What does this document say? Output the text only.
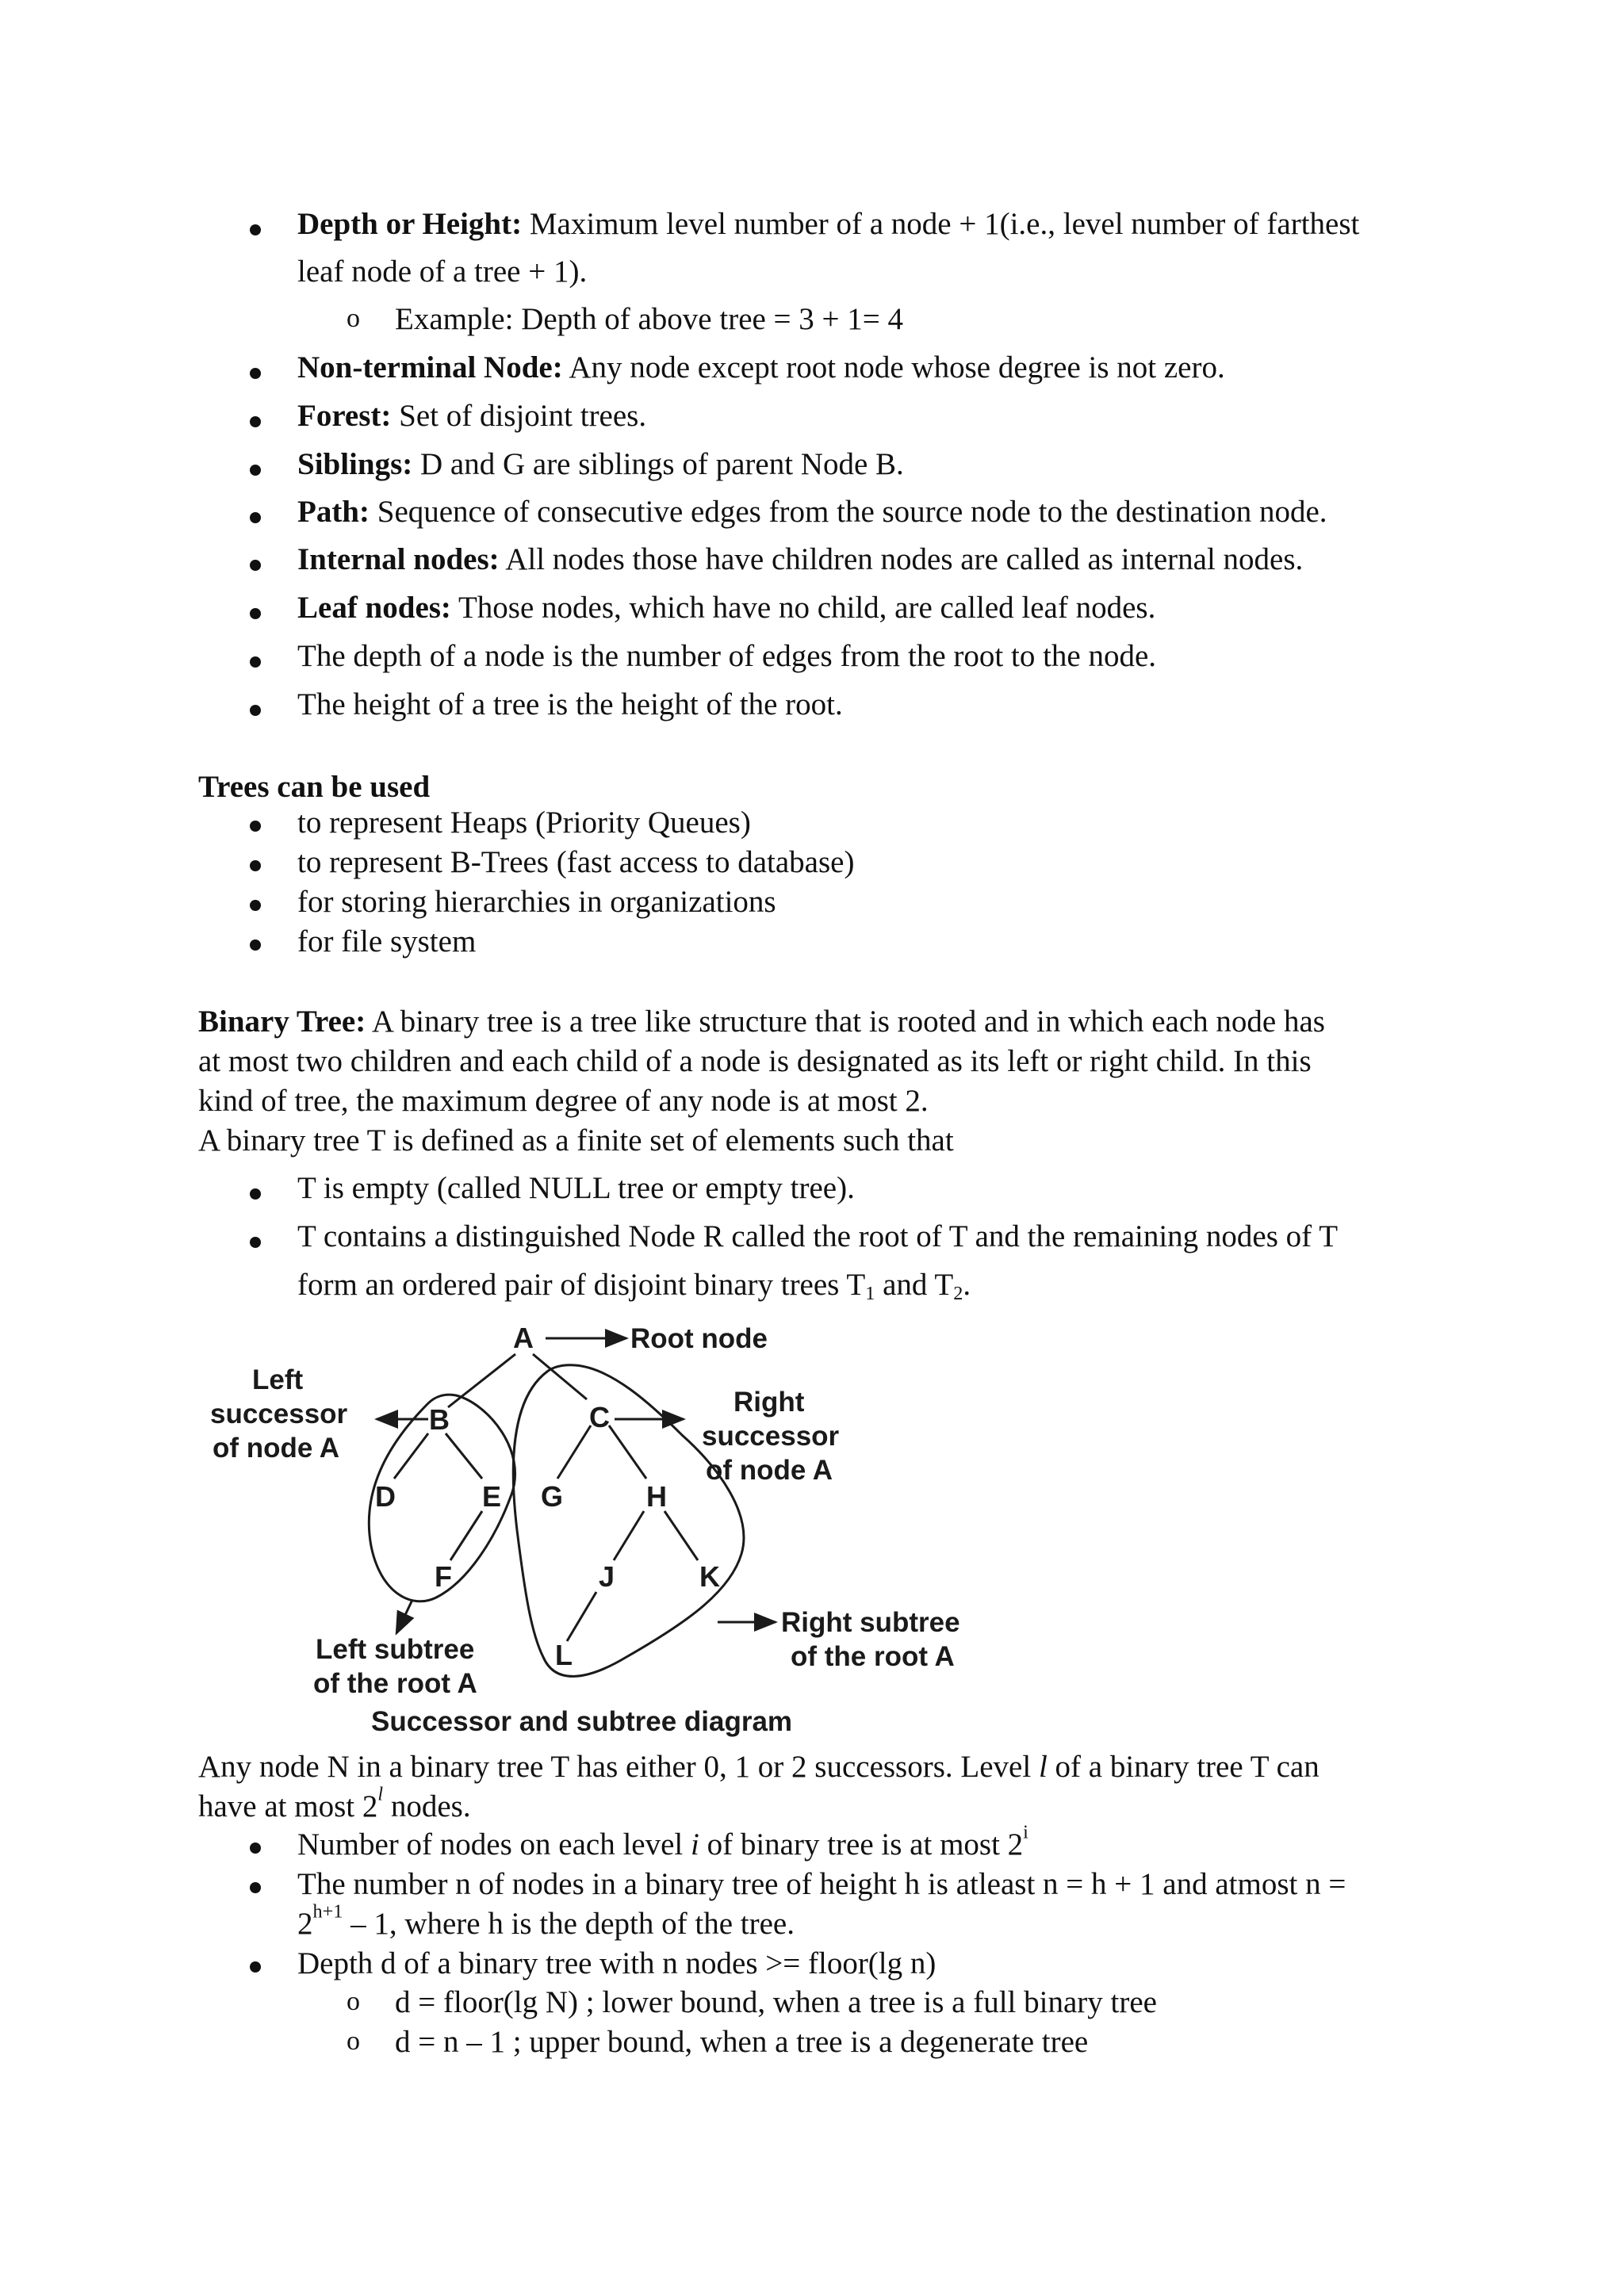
Depth or Height: Maximum level number of a node + 1(i.e., level number of farthest
leaf node of a tree + 1).
o Example: Depth of above tree = 3 + 1= 4
Non-terminal Node: Any node except root node whose degree is not zero.
Forest: Set of disjoint trees.
Siblings: D and G are siblings of parent Node B.
Path: Sequence of consecutive edges from the source node to the destination node.
Internal nodes: All nodes those have children nodes are called as internal nodes.
Leaf nodes: Those nodes, which have no child, are called leaf nodes.
The depth of a node is the number of edges from the root to the node.
The height of a tree is the height of the root.
Trees can be used
to represent Heaps (Priority Queues)
to represent B-Trees (fast access to database)
for storing hierarchies in organizations
for file system
Binary Tree: A binary tree is a tree like structure that is rooted and in which each node has
at most two children and each child of a node is designated as its left or right child. In this
kind of tree, the maximum degree of any node is at most 2.
A binary tree T is defined as a finite set of elements such that
T is empty (called NULL tree or empty tree).
T contains a distinguished Node R called the root of T and the remaining nodes of T
form an ordered pair of disjoint binary trees $T_1$ and $T_2$.
A
B	C
D	E
F
G	H
J	K
L
Root node
Left
successor
of node A
Right
successor
of node A
Left subtree
of the root A
Right subtree
of the root A
Successor and subtree diagram
Any node N in a binary tree T has either 0, 1 or 2 successors. Level l of a binary tree T can
have at most 2$^l$ nodes.
Number of nodes on each level i of binary tree is at most 2$^i$
The number n of nodes in a binary tree of height h is atleast n = h + 1 and atmost n =
$2^{h+1} - 1$, where h is the depth of the tree.
Depth d of a binary tree with n nodes >= floor(lg n)
o d = floor(lg N) ; lower bound, when a tree is a full binary tree
o d = n – 1 ; upper bound, when a tree is a degenerate tree
